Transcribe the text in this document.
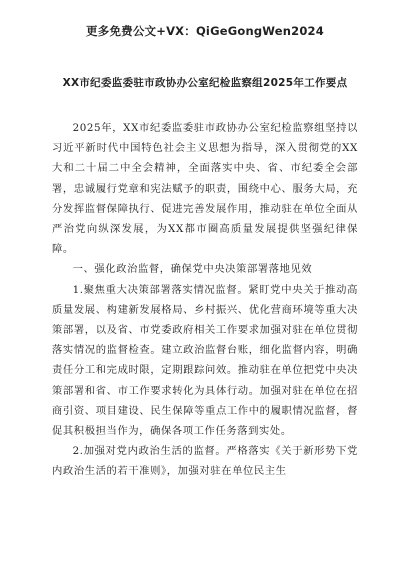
更多免费公文+VX：QiGeGongWen2024
XX市纪委监委驻市政协办公室纪检监察组2025年工作要点

2025年，XX市纪委监委驻市政协办公室纪检监察组坚持以习近平新时代中国特色社会主义思想为指导，深入贯彻党的XX大和二十届二中全会精神，全面落实中央、省、市纪委全会部署，忠诚履行党章和宪法赋予的职责，围绕中心、服务大局，充分发挥监督保障执行、促进完善发展作用，推动驻在单位全面从严治党向纵深发展，为XX都市圈高质量发展提供坚强纪律保障。

一、强化政治监督，确保党中央决策部署落地见效

1.聚焦重大决策部署落实情况监督。紧盯党中央关于推动高质量发展、构建新发展格局、乡村振兴、优化营商环境等重大决策部署，以及省、市党委政府相关工作要求加强对驻在单位贯彻落实情况的监督检查。建立政治监督台账，细化监督内容，明确责任分工和完成时限，定期跟踪问效。推动驻在单位把党中央决策部署和省、市工作要求转化为具体行动。加强对驻在单位在招商引资、项目建设、民生保障等重点工作中的履职情况监督，督促其积极担当作为，确保各项工作任务落到实处。

2.加强对党内政治生活的监督。严格落实《关于新形势下党内政治生活的若干准则》，加强对驻在单位民主生
